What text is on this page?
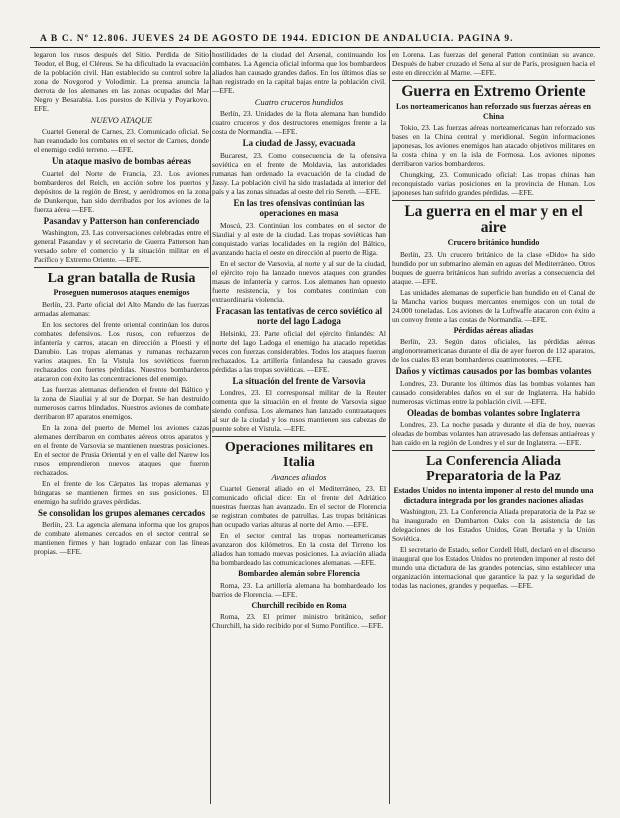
A B C. Nº 12.806. JUEVES 24 DE AGOSTO DE 1944. EDICION DE ANDALUCIA. PAGINA 9.

legaron los rusos después del Sitio. Perdida de Sitio Teodor, el Bug, el Cléreus. Se ha dificultado la evacuación de la población civil. Han establecido su control sobre la zona de Novgorod y Volodimir. La prensa anuncia la derrota de los alemanes en las zonas ocupadas del Mar Negro y Besarabia. Los puestos de Kilivia y Poyarkovo. EFE.

NUEVO ATAQUE

Cuartel General de Carnes, 23. Comunicado oficial. Se han reanudado los combates en el sector de Carnes, donde el enemigo cedió terreno. —EFE.

Un ataque masivo de bombas aéreas

Cuartel del Norte de Francia, 23. Los aviones bombarderos del Reich, en acción sobre los puertos y depósitos de la región de Brest, y aeródromos en la zona de Dunkerque, han sido derribados por los aviones de la fuerza aérea —EFE.

Pasandav y Patterson han conferenciado

Washington, 23. Las conversaciones celebradas entre el general Pasandav y el secretario de Guerra Patterson han versado sobre el comercio y la situación militar en el Pacífico y Extremo Oriente. —EFE.

La gran batalla de Rusia
Proseguen numerosos ataques enemigos

Berlín, 23. Parte oficial del Alto Mando de las fuerzas armadas alemanas:

En los sectores del frente oriental continúan los duros combates defensivos. Los rusos, con refuerzos de infantería y carros, atacan en dirección a Ploesti y el Danubio. Las tropas alemanas y rumanas rechazaron varios ataques. En la Vistula los soviéticos fueron rechazados con fuertes pérdidas. Nuestros bombarderos atacaron con éxito las concentraciones del enemigo.

Las fuerzas alemanas defienden el frente del Báltico y la zona de Siauliai y al sur de Dorpat. Se han destruido numerosos carros blindados. Nuestros aviones de combate derribaron 87 aparatos enemigos.

En la zona del puerto de Memel los aviones cazas alemanes derribaron en combates aéreos otros aparatos y en el frente de Varsovia se mantienen nuestras posiciones. En el sector de Prusia Oriental y en el valle del Narew los rusos emprendieron nuevos ataques que fueron rechazados.

En el frente de los Cárpatos las tropas alemanas y húngaras se mantienen firmes en sus posiciones. El enemigo ha sufrido graves pérdidas.

Se consolidan los grupos alemanes cercados

Berlín, 23. La agencia alemana informa que los grupos de combate alemanes cercados en el sector central se mantienen firmes y han logrado enlazar con las líneas propias. —EFE.

hostilidades de la ciudad del Arsenal, continuando los combates. La Agencia oficial informa que los bombardeos aliados han causado grandes daños. En los últimos días se han registrado en la capital bajas entre la población civil. —EFE.

Cuatro cruceros hundidos

Berlín, 23. Unidades de la flota alemana han hundido cuatro cruceros y dos destructores enemigos frente a la costa de Normandía. —EFE.

La ciudad de Jassy, evacuada

Bucarest, 23. Como consecuencia de la ofensiva soviética en el frente de Moldavia, las autoridades rumanas han ordenado la evacuación de la ciudad de Jassy. La población civil ha sido trasladada al interior del país y a las zonas situadas al oeste del río Sereth. —EFE.

En las tres ofensivas continúan las operaciones en masa

Moscú, 23. Continúan los combates en el sector de Siauliai y al este de la ciudad. Las tropas soviéticas han conquistado varias localidades en la región del Báltico, avanzando hacia el oeste en dirección al puerto de Riga.

En el sector de Varsovia, al norte y al sur de la ciudad, el ejército rojo ha lanzado nuevos ataques con grandes masas de infantería y carros. Los alemanes han opuesto fuerte resistencia, y los combates continúan con extraordinaria violencia.

Fracasan las tentativas de cerco soviético al norte del lago Ladoga

Helsinki, 23. Parte oficial del ejército finlandés: Al norte del lago Ladoga el enemigo ha atacado repetidas veces con fuerzas considerables. Todos los ataques fueron rechazados. La artillería finlandesa ha causado graves pérdidas a las tropas soviéticas. —EFE.

La situación del frente de Varsovia

Londres, 23. El corresponsal militar de la Reuter comenta que la situación en el frente de Varsovia sigue siendo confusa. Los alemanes han lanzado contraataques al sur de la ciudad y los rusos mantienen sus cabezas de puente sobre el Vístula. —EFE.

Operaciones militares en Italia
Avances aliados

Cuartel General aliado en el Mediterráneo, 23. El comunicado oficial dice: En el frente del Adriático nuestras fuerzas han avanzado. En el sector de Florencia se registran combates de patrullas. Las tropas británicas han ocupado varias alturas al norte del Arno. —EFE.

En el sector central las tropas norteamericanas avanzaron dos kilómetros. En la costa del Tirreno los aliados han tomado nuevas posiciones. La aviación aliada ha bombardeado las comunicaciones alemanas. —EFE.

Bombardeo alemán sobre Florencia

Roma, 23. La artillería alemana ha bombardeado los barrios de Florencia. —EFE.

Churchill recibido en Roma

Roma, 23. El primer ministro británico, señor Churchill, ha sido recibido por el Sumo Pontífice. —EFE.

en Lorena. Las fuerzas del general Patton continúan su avance. Después de haber cruzado el Sena al sur de París, prosiguen hacia el este en dirección al Marne. —EFE.

Guerra en Extremo Oriente
Los norteamericanos han reforzado sus fuerzas aéreas en China

Tokio, 23. Las fuerzas aéreas norteamericanas han reforzado sus bases en la China central y meridional. Según informaciones japonesas, los aviones enemigos han atacado objetivos militares en la costa china y en la isla de Formosa. Los aviones nipones derribaron varios bombarderos.

Chungking, 23. Comunicado oficial: Las tropas chinas han reconquistado varias posiciones en la provincia de Hunan. Los japoneses han sufrido grandes pérdidas. —EFE.

La guerra en el mar y en el aire
Crucero británico hundido

Berlín, 23. Un crucero británico de la clase «Dido» ha sido hundido por un submarino alemán en aguas del Mediterráneo. Otros buques de guerra británicos han sufrido averías a consecuencia del ataque. —EFE.

Las unidades alemanas de superficie han hundido en el Canal de la Mancha varios buques mercantes enemigos con un total de 24.000 toneladas. Los aviones de la Luftwaffe atacaron con éxito a un convoy frente a las costas de Normandía. —EFE.

Pérdidas aéreas aliadas

Berlín, 23. Según datos oficiales, las pérdidas aéreas anglonorteamericanas durante el día de ayer fueron de 112 aparatos, de los cuales 83 eran bombarderos cuatrimotores. —EFE.

Daños y víctimas causados por las bombas volantes

Londres, 23. Durante los últimos días las bombas volantes han causado considerables daños en el sur de Inglaterra. Ha habido numerosas víctimas entre la población civil. —EFE.

Oleadas de bombas volantes sobre Inglaterra

Londres, 23. La noche pasada y durante el día de hoy, nuevas oleadas de bombas volantes han atravesado las defensas antiaéreas y han caído en la región de Londres y el sur de Inglaterra. —EFE.

La Conferencia Aliada Preparatoria de la Paz
Estados Unidos no intenta imponer al resto del mundo una dictadura integrada por los grandes naciones aliadas

Washington, 23. La Conferencia Aliada preparatoria de la Paz se ha inaugurado en Dumbarton Oaks con la asistencia de las delegaciones de los Estados Unidos, Gran Bretaña y la Unión Soviética.

El secretario de Estado, señor Cordell Hull, declaró en el discurso inaugural que los Estados Unidos no pretenden imponer al resto del mundo una dictadura de las grandes potencias, sino establecer una organización internacional que garantice la paz y la seguridad de todas las naciones, grandes y pequeñas. —EFE.
